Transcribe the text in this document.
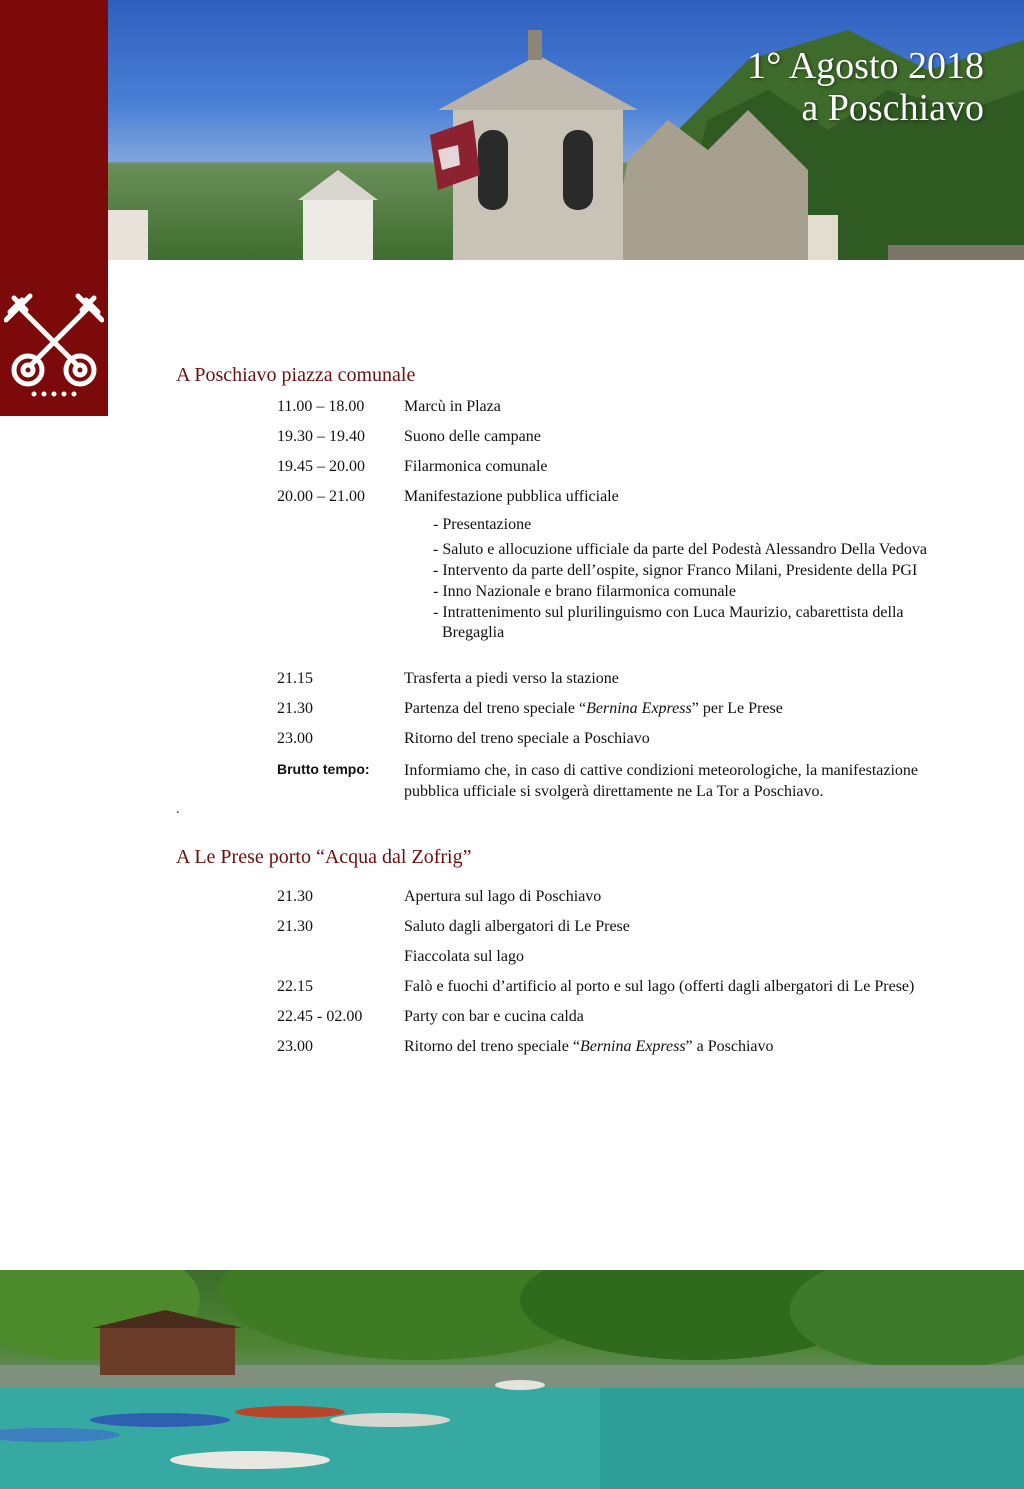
1° Agosto 2018
a Poschiavo
A Poschiavo piazza comunale
11.00 – 18.00	Marcù in Plaza
19.30 – 19.40	Suono delle campane
19.45 – 20.00	Filarmonica comunale
20.00 – 21.00	Manifestazione pubblica ufficiale
- Presentazione
- Saluto e allocuzione ufficiale da parte del Podestà Alessandro Della Vedova
- Intervento da parte dell’ospite, signor Franco Milani, Presidente della PGI
- Inno Nazionale e brano filarmonica comunale
- Intrattenimento sul plurilinguismo con Luca Maurizio, cabarettista della
Bregaglia
21.15	Trasferta a piedi verso la stazione
21.30	Partenza del treno speciale “Bernina Express” per Le Prese
23.00	Ritorno del treno speciale a Poschiavo
Brutto tempo:	Informiamo che, in caso di cattive condizioni meteorologiche, la manifestazione
pubblica ufficiale si svolgerà direttamente ne La Tor a Poschiavo.
.
A Le Prese porto “Acqua dal Zofrig”
21.30	Apertura sul lago di Poschiavo
21.30	Saluto dagli albergatori di Le Prese
Fiaccolata sul lago
22.15	Falò e fuochi d’artificio al porto e sul lago (offerti dagli albergatori di Le Prese)
22.45 - 02.00	Party con bar e cucina calda
23.00	Ritorno del treno speciale “Bernina Express” a Poschiavo
